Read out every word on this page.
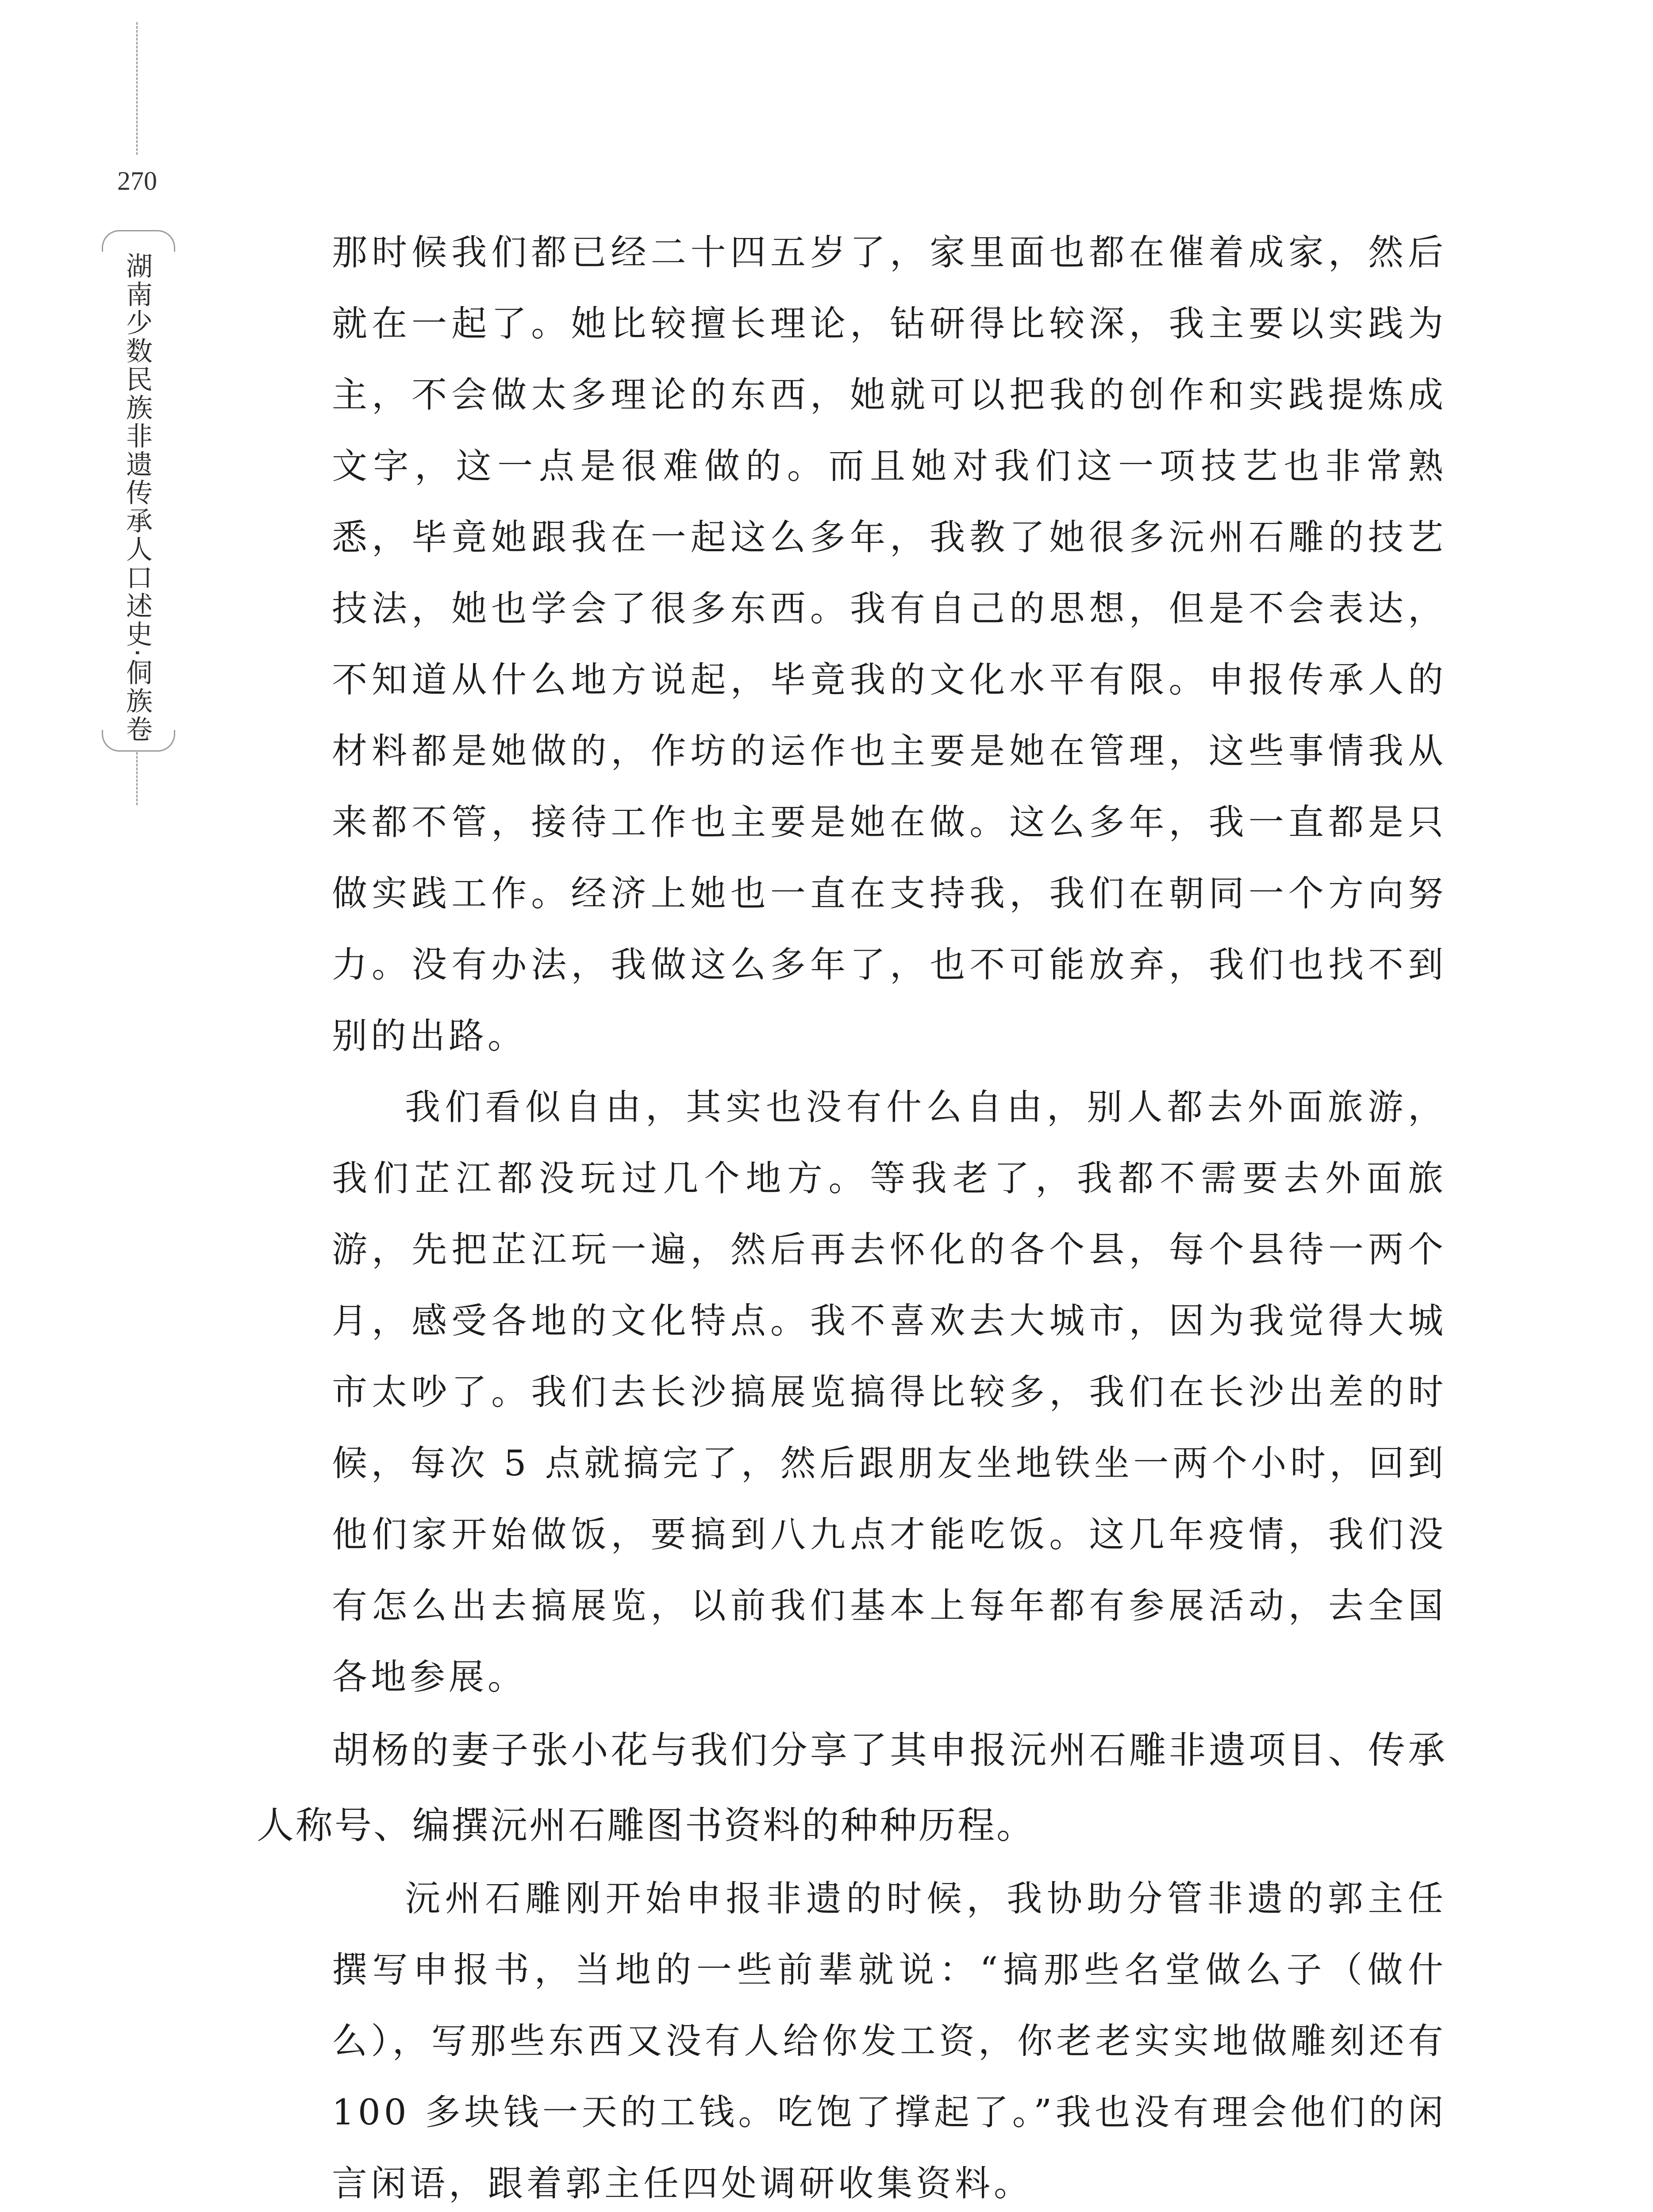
270
湖南少数民族非遗传承人口述史·侗族卷	那时候我们都已经二十四五岁了，家里面也都在催着成家，然后就在一起了。她比较擅长理论，钻研得比较深，我主要以实践为主，不会做太多理论的东西，她就可以把我的创作和实践提炼成文字，这一点是很难做的。而且她对我们这一项技艺也非常熟悉，毕竟她跟我在一起这么多年，我教了她很多沅州石雕的技艺技法，她也学会了很多东西。我有自己的思想，但是不会表达，不知道从什么地方说起，毕竟我的文化水平有限。申报传承人的材料都是她做的，作坊的运作也主要是她在管理，这些事情我从来都不管，接待工作也主要是她在做。这么多年，我一直都是只做实践工作。经济上她也一直在支持我，我们在朝同一个方向努力。没有办法，我做这么多年了，也不可能放弃，我们也找不到别的出路。

我们看似自由，其实也没有什么自由，别人都去外面旅游，我们芷江都没玩过几个地方。等我老了，我都不需要去外面旅游，先把芷江玩一遍，然后再去怀化的各个县，每个县待一两个月，感受各地的文化特点。我不喜欢去大城市，因为我觉得大城市太吵了。我们去长沙搞展览搞得比较多，我们在长沙出差的时候，每次 5 点就搞完了，然后跟朋友坐地铁坐一两个小时，回到他们家开始做饭，要搞到八九点才能吃饭。这几年疫情，我们没有怎么出去搞展览，以前我们基本上每年都有参展活动，去全国各地参展。

胡杨的妻子张小花与我们分享了其申报沅州石雕非遗项目、传承人称号、编撰沅州石雕图书资料的种种历程。

沅州石雕刚开始申报非遗的时候，我协助分管非遗的郭主任撰写申报书，当地的一些前辈就说：“搞那些名堂做么子（做什么），写那些东西又没有人给你发工资，你老老实实地做雕刻还有100 多块钱一天的工钱。吃饱了撑起了。”我也没有理会他们的闲言闲语，跟着郭主任四处调研收集资料。
